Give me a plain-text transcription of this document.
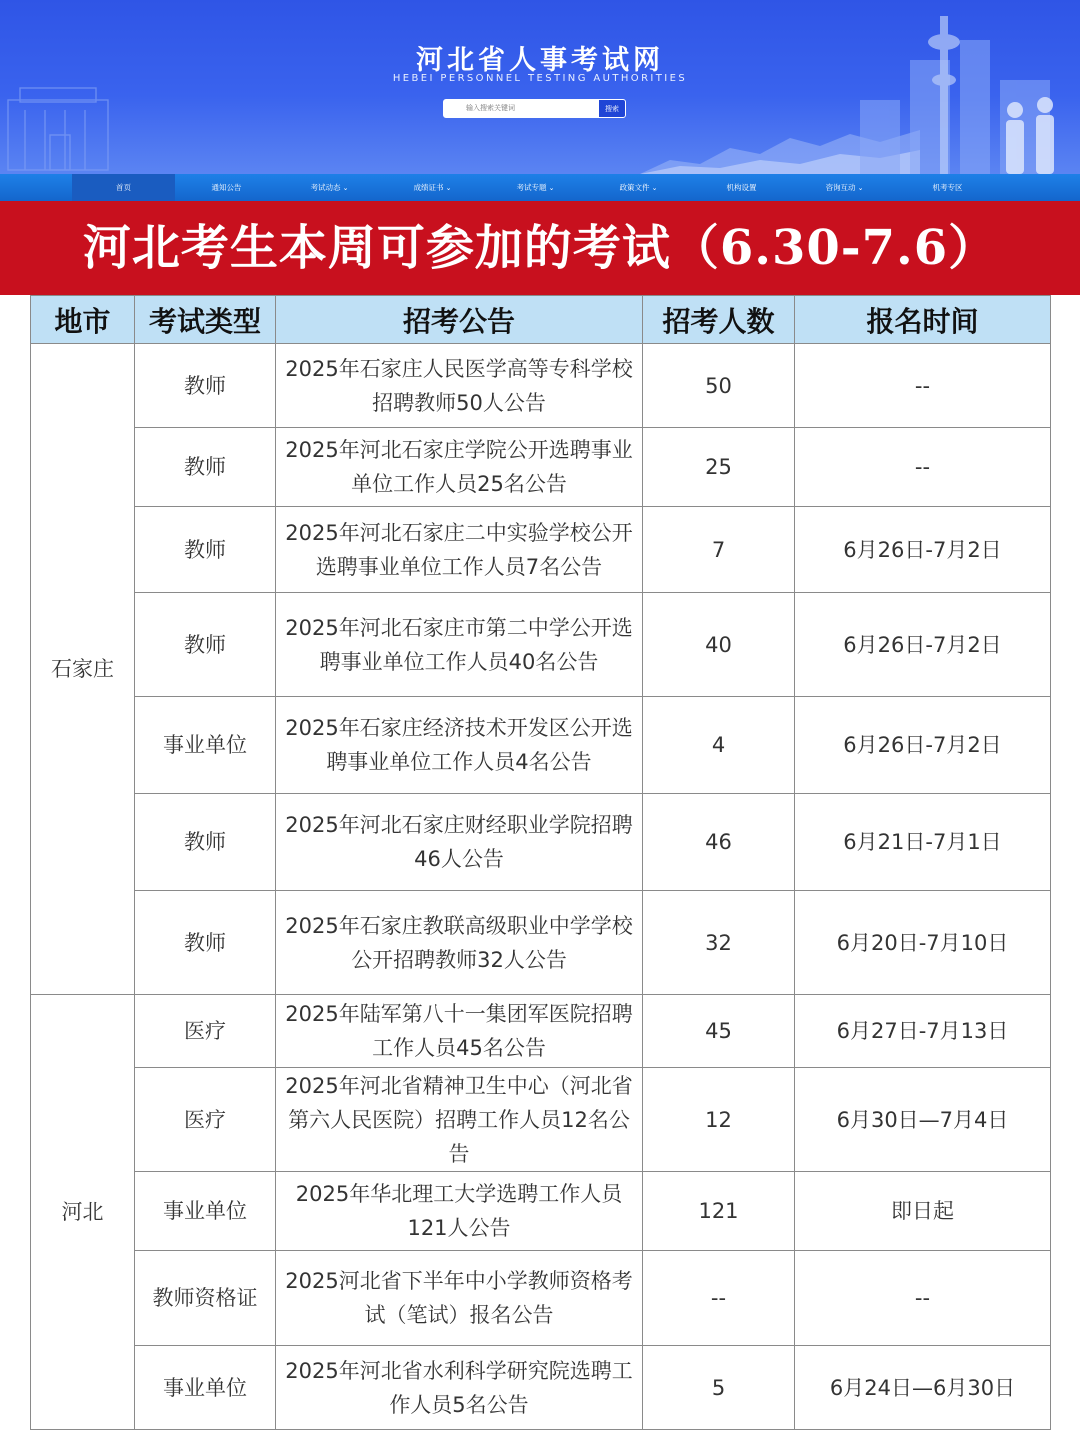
河北省人事考试网
HEBEI PERSONNEL TESTING AUTHORITIES
输入搜索关键词
搜索
首页	通知公告	考试动态 ⌄	成绩证书 ⌄	考试专题 ⌄	政策文件 ⌄	机构设置	咨询互动 ⌄	机考专区
河北考生本周可参加的考试（6.30-7.6）
地市	考试类型	招考公告	招考人数	报名时间
石家庄	教师	2025年石家庄人民医学高等专科学校招聘教师50人公告	50	--
	教师	2025年河北石家庄学院公开选聘事业单位工作人员25名公告	25	--
	教师	2025年河北石家庄二中实验学校公开选聘事业单位工作人员7名公告	7	6月26日-7月2日
	教师	2025年河北石家庄市第二中学公开选聘事业单位工作人员40名公告	40	6月26日-7月2日
	事业单位	2025年石家庄经济技术开发区公开选聘事业单位工作人员4名公告	4	6月26日-7月2日
	教师	2025年河北石家庄财经职业学院招聘46人公告	46	6月21日-7月1日
	教师	2025年石家庄教联高级职业中学学校公开招聘教师32人公告	32	6月20日-7月10日
河北	医疗	2025年陆军第八十一集团军医院招聘工作人员45名公告	45	6月27日-7月13日
	医疗	2025年河北省精神卫生中心（河北省第六人民医院）招聘工作人员12名公告	12	6月30日—7月4日
	事业单位	2025年华北理工大学选聘工作人员121人公告	121	即日起
	教师资格证	2025河北省下半年中小学教师资格考试（笔试）报名公告	--	--
	事业单位	2025年河北省水利科学研究院选聘工作人员5名公告	5	6月24日—6月30日
